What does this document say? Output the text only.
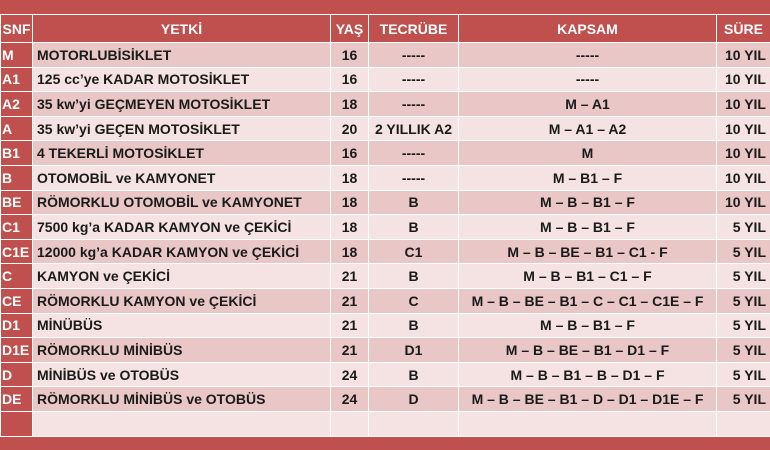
SNF	YETKİ	YAŞ	TECRÜBE	KAPSAM	SÜRE
M	MOTORLUBİSİKLET	16	-----	-----	10 YIL
A1	125 cc’ye KADAR MOTOSİKLET	16	-----	-----	10 YIL
A2	35 kw’yi GEÇMEYEN MOTOSİKLET	18	-----	M – A1	10 YIL
A	35 kw’yi GEÇEN MOTOSİKLET	20	2 YILLIK A2	M – A1 – A2	10 YIL
B1	4 TEKERLİ MOTOSİKLET	16	-----	M	10 YIL
B	OTOMOBİL ve KAMYONET	18	-----	M – B1 – F	10 YIL
BE	RÖMORKLU OTOMOBİL ve KAMYONET	18	B	M – B – B1 – F	10 YIL
C1	7500 kg’a KADAR KAMYON ve ÇEKİCİ	18	B	M – B – B1 – F	5 YIL
C1E	12000 kg’a KADAR KAMYON ve ÇEKİCİ	18	C1	M – B – BE – B1 – C1 - F	5 YIL
C	KAMYON ve ÇEKİCİ	21	B	M – B – B1 – C1 – F	5 YIL
CE	RÖMORKLU KAMYON ve ÇEKİCİ	21	C	M – B – BE – B1 – C – C1 – C1E – F	5 YIL
D1	MİNÜBÜS	21	B	M – B – B1 – F	5 YIL
D1E	RÖMORKLU MİNİBÜS	21	D1	M – B – BE – B1 – D1 – F	5 YIL
D	MİNİBÜS ve OTOBÜS	24	B	M – B – B1 – B – D1 – F	5 YIL
DE	RÖMORKLU MİNİBÜS ve OTOBÜS	24	D	M – B – BE – B1 – D – D1 – D1E – F	5 YIL
